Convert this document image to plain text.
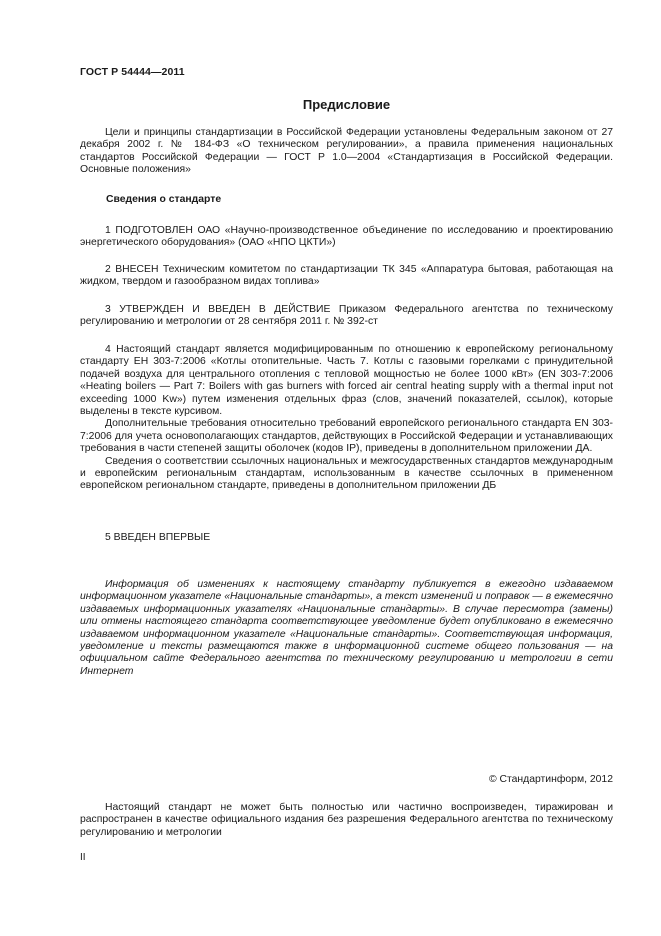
ГОСТ Р 54444—2011
Предисловие

Цели и принципы стандартизации в Российской Федерации установлены Федеральным законом от 27 декабря 2002 г. № 184-ФЗ «О техническом регулировании», а правила применения национальных стандартов Российской Федерации — ГОСТ Р 1.0—2004 «Стандартизация в Российской Федерации. Основные положения»

Сведения о стандарте

1 ПОДГОТОВЛЕН ОАО «Научно-производственное объединение по исследованию и проектированию энергетического оборудования» (ОАО «НПО ЦКТИ»)

2 ВНЕСЕН Техническим комитетом по стандартизации ТК 345 «Аппаратура бытовая, работающая на жидком, твердом и газообразном видах топлива»

3 УТВЕРЖДЕН И ВВЕДЕН В ДЕЙСТВИЕ Приказом Федерального агентства по техническому регулированию и метрологии от 28 сентября 2011 г. № 392-ст

4 Настоящий стандарт является модифицированным по отношению к европейскому региональному стандарту ЕН 303-7:2006 «Котлы отопительные. Часть 7. Котлы с газовыми горелками с принудительной подачей воздуха для центрального отопления с тепловой мощностью не более 1000 кВт» (EN 303-7:2006 «Heating boilers — Part 7: Boilers with gas burners with forced air central heating supply with a thermal input not exceeding 1000 Kw») путем изменения отдельных фраз (слов, значений показателей, ссылок), которые выделены в тексте курсивом.

Дополнительные требования относительно требований европейского регионального стандарта EN 303-7:2006 для учета основополагающих стандартов, действующих в Российской Федерации и устанавливающих требования в части степеней защиты оболочек (кодов IP), приведены в дополнительном приложении ДА.

Сведения о соответствии ссылочных национальных и межгосударственных стандартов международным и европейским региональным стандартам, использованным в качестве ссылочных в примененном европейском региональном стандарте, приведены в дополнительном приложении ДБ

5 ВВЕДЕН ВПЕРВЫЕ

Информация об изменениях к настоящему стандарту публикуется в ежегодно издаваемом информационном указателе «Национальные стандарты», а текст изменений и поправок — в ежемесячно издаваемых информационных указателях «Национальные стандарты». В случае пересмотра (замены) или отмены настоящего стандарта соответствующее уведомление будет опубликовано в ежемесячно издаваемом информационном указателе «Национальные стандарты». Соответствующая информация, уведомление и тексты размещаются также в информационной системе общего пользования — на официальном сайте Федерального агентства по техническому регулированию и метрологии в сети Интернет

© Стандартинформ, 2012

Настоящий стандарт не может быть полностью или частично воспроизведен, тиражирован и распространен в качестве официального издания без разрешения Федерального агентства по техническому регулированию и метрологии

II
